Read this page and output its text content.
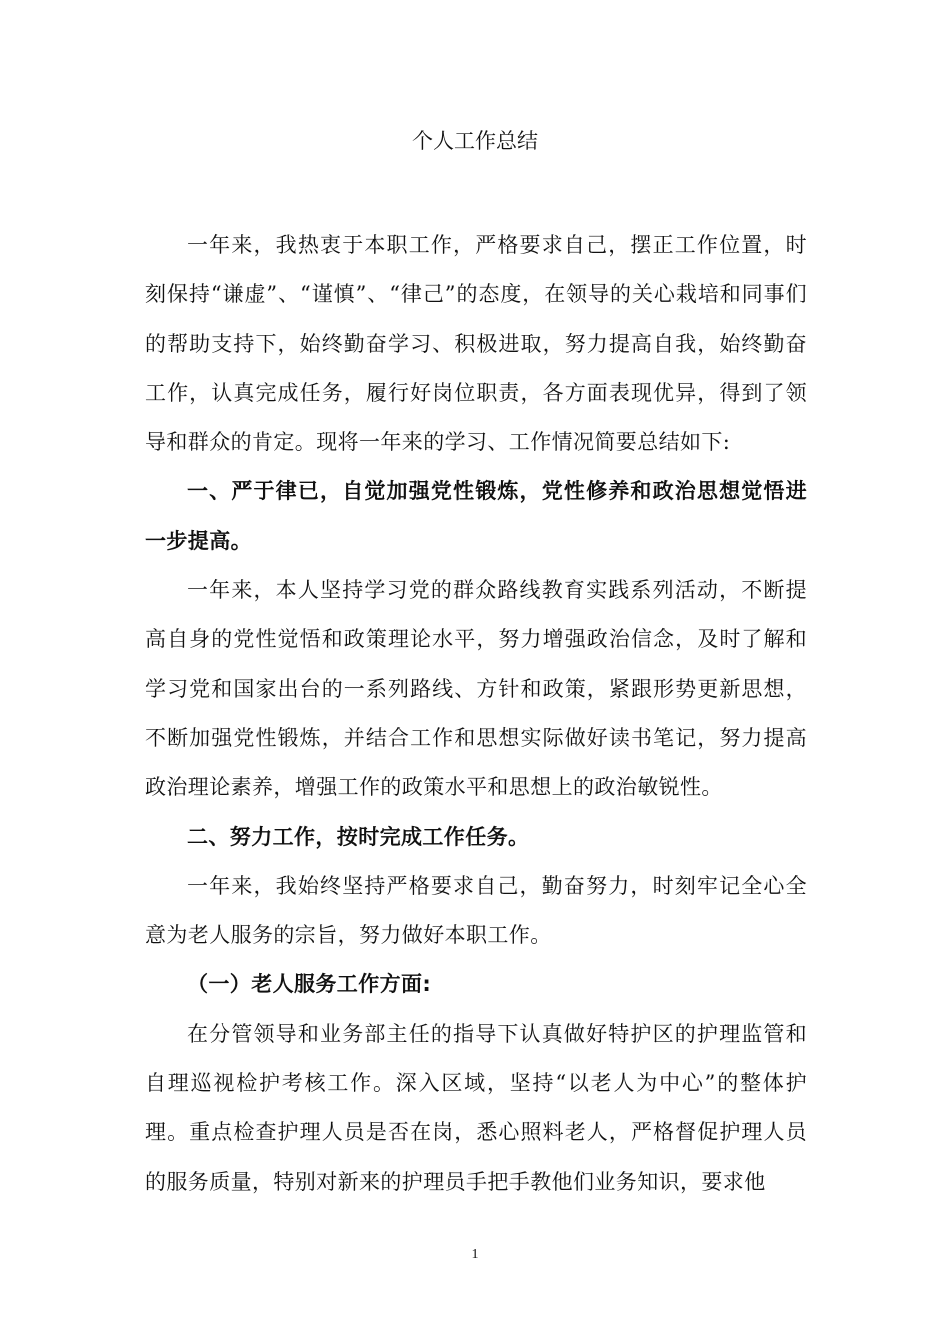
个人工作总结

一年来，我热衷于本职工作，严格要求自己，摆正工作位置，时刻保持“谦虚”、“谨慎”、“律己”的态度，在领导的关心栽培和同事们的帮助支持下，始终勤奋学习、积极进取，努力提高自我，始终勤奋工作，认真完成任务，履行好岗位职责，各方面表现优异，得到了领导和群众的肯定。现将一年来的学习、工作情况简要总结如下:

一、严于律已，自觉加强党性锻炼，党性修养和政治思想觉悟进一步提高。

一年来，本人坚持学习党的群众路线教育实践系列活动，不断提高自身的党性觉悟和政策理论水平，努力增强政治信念，及时了解和学习党和国家出台的一系列路线、方针和政策，紧跟形势更新思想，不断加强党性锻炼，并结合工作和思想实际做好读书笔记，努力提高政治理论素养，增强工作的政策水平和思想上的政治敏锐性。

二、努力工作，按时完成工作任务。

一年来，我始终坚持严格要求自己，勤奋努力，时刻牢记全心全意为老人服务的宗旨，努力做好本职工作。

（一）老人服务工作方面:

在分管领导和业务部主任的指导下认真做好特护区的护理监管和自理巡视检护考核工作。深入区域，坚持“以老人为中心”的整体护理。重点检查护理人员是否在岗，悉心照料老人，严格督促护理人员的服务质量，特别对新来的护理员手把手教他们业务知识，要求他

1
